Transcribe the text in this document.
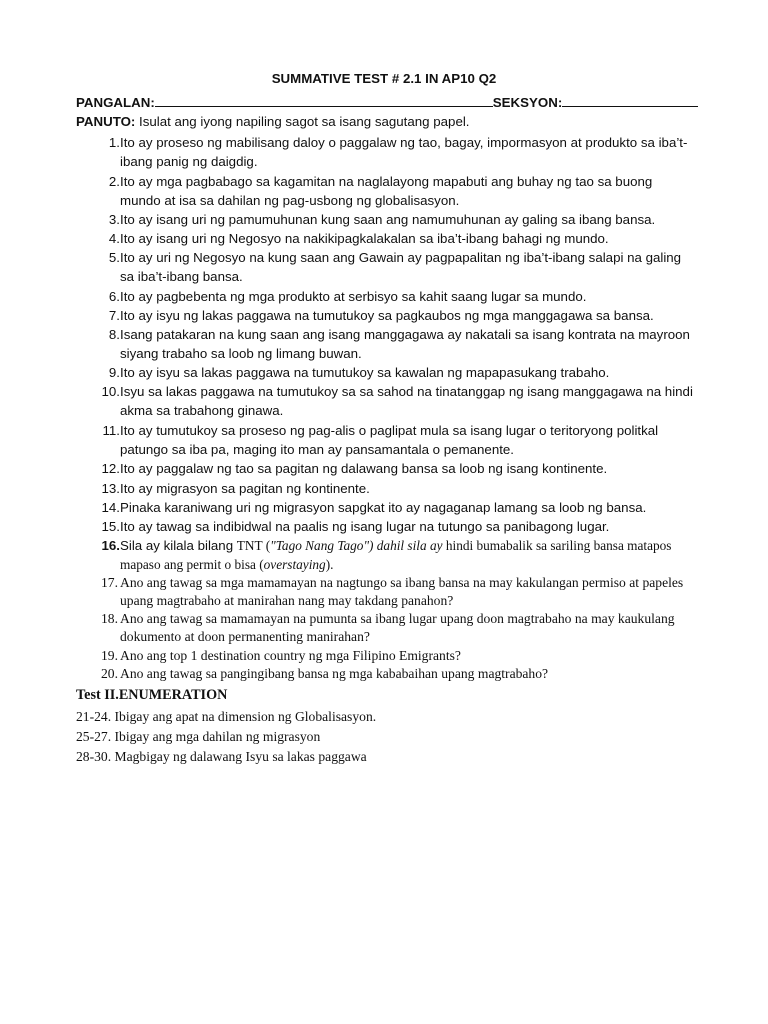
SUMMATIVE TEST # 2.1 IN AP10 Q2
PANGALAN:	SEKSYON:
PANUTO: Isulat ang iyong napiling sagot sa isang sagutang papel.
1. Ito ay proseso ng mabilisang daloy o paggalaw ng tao, bagay, impormasyon at produkto sa iba’t-ibang panig ng daigdig.
2. Ito ay mga pagbabago sa kagamitan na naglalayong mapabuti ang buhay ng tao sa buong mundo at isa sa dahilan ng pag-usbong ng globalisasyon.
3. Ito ay isang uri ng pamumuhunan kung saan ang namumuhunan ay galing sa ibang bansa.
4. Ito ay isang uri ng Negosyo na nakikipagkalakalan sa iba’t-ibang bahagi ng mundo.
5. Ito ay uri ng Negosyo na kung saan ang Gawain ay pagpapalitan ng iba’t-ibang salapi na galing sa iba’t-ibang bansa.
6. Ito ay pagbebenta ng mga produkto at serbisyo sa kahit saang lugar sa mundo.
7. Ito ay isyu ng lakas paggawa na tumutukoy sa pagkaubos ng mga manggagawa sa bansa.
8. Isang patakaran na kung saan ang isang manggagawa ay nakatali sa isang kontrata na mayroon siyang trabaho sa loob ng limang buwan.
9. Ito ay isyu sa lakas paggawa na tumutukoy sa kawalan ng mapapasukang trabaho.
10. Isyu sa lakas paggawa na tumutukoy sa sa sahod na tinatanggap ng isang manggagawa na hindi akma sa trabahong ginawa.
11. Ito ay tumutukoy sa proseso ng pag-alis o paglipat mula sa isang lugar o teritoryong politkal patungo sa iba pa, maging ito man ay pansamantala o pemanente.
12. Ito ay paggalaw ng tao sa pagitan ng dalawang bansa sa loob ng isang kontinente.
13. Ito ay migrasyon sa pagitan ng kontinente.
14. Pinaka karaniwang uri ng migrasyon sapgkat ito ay nagaganap lamang sa loob ng bansa.
15. Ito ay tawag sa indibidwal na paalis ng isang lugar na tutungo sa panibagong lugar.
16. Sila ay kilala bilang TNT ("Tago Nang Tago") dahil sila ay hindi bumabalik sa sariling bansa matapos mapaso ang permit o bisa (overstaying).
17. Ano ang tawag sa mga mamamayan na nagtungo sa ibang bansa na may kakulangan permiso at papeles upang magtrabaho at manirahan nang may takdang panahon?
18. Ano ang tawag sa mamamayan na pumunta sa ibang lugar upang doon magtrabaho na may kaukulang dokumento at doon permanenting manirahan?
19. Ano ang top 1 destination country ng mga Filipino Emigrants?
20. Ano ang tawag sa pangingibang bansa ng mga kababaihan upang magtrabaho?
Test II.ENUMERATION
21-24. Ibigay ang apat na dimension ng Globalisasyon.
25-27. Ibigay ang mga dahilan ng migrasyon
28-30. Magbigay ng dalawang Isyu sa lakas paggawa
